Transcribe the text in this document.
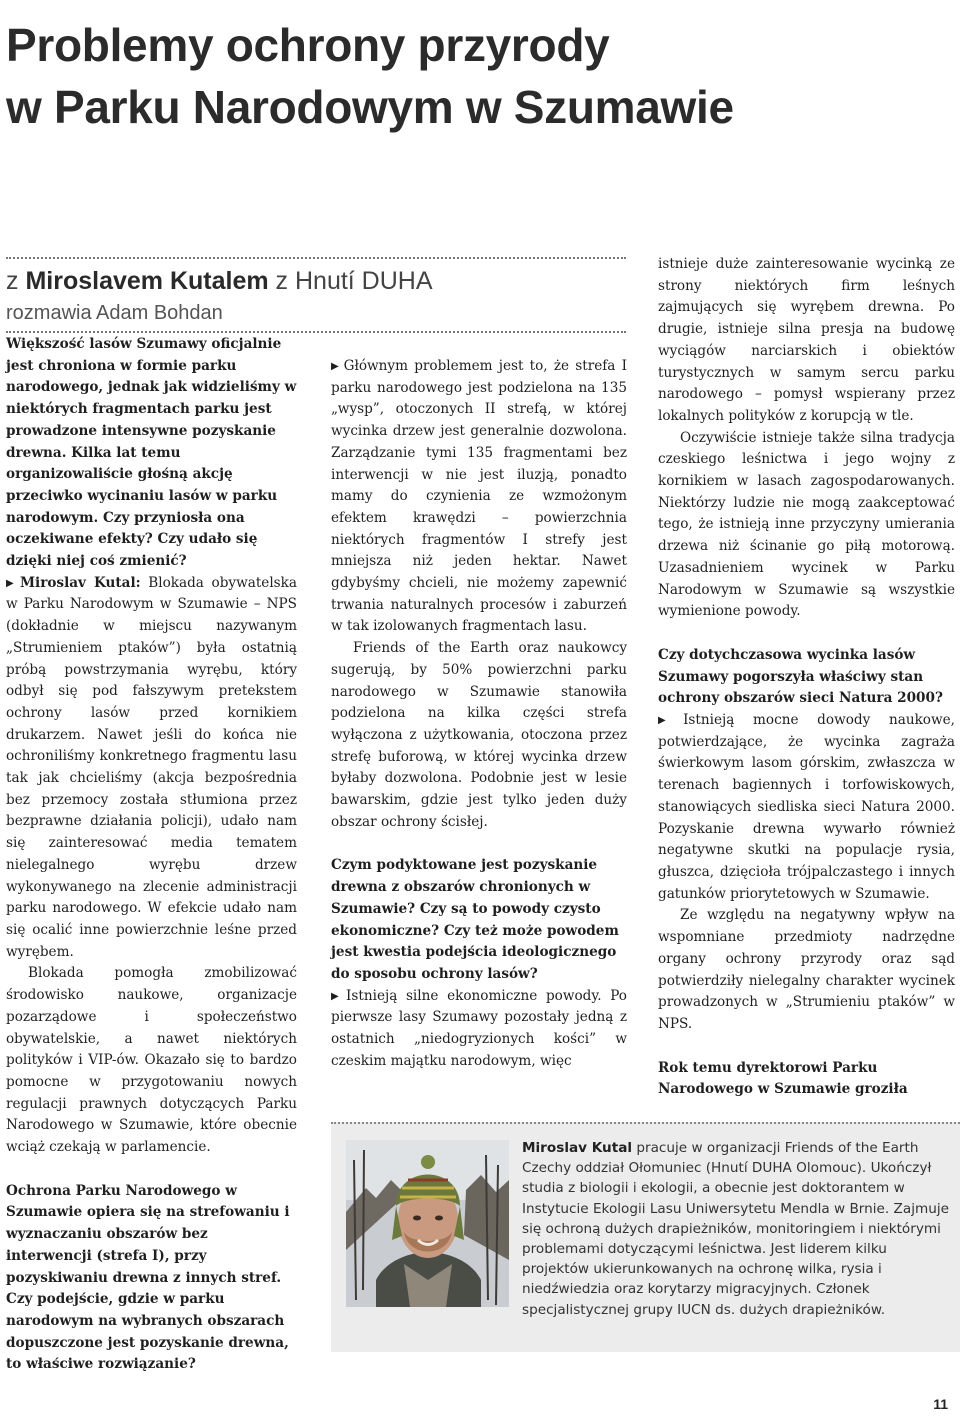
Problemy ochrony przyrody
w Parku Narodowym w Szumawie
z Miroslavem Kutalem z Hnutí DUHA
rozmawia Adam Bohdan

Większość lasów Szumawy oficjalnie jest chroniona w formie parku narodowego, jednak jak widzieliśmy w niektórych fragmentach parku jest prowadzone intensywne pozyskanie drewna. Kilka lat temu organizowaliście głośną akcję przeciwko wycinaniu lasów w parku narodowym. Czy przyniosła ona oczekiwane efekty? Czy udało się dzięki niej coś zmienić?

▶ Miroslav Kutal: Blokada obywatelska w Parku Narodowym w Szumawie – NPS (dokładnie w miejscu nazywanym „Strumieniem ptaków”) była ostatnią próbą powstrzymania wyrębu, który odbył się pod fałszywym pretekstem ochrony lasów przed kornikiem drukarzem. Nawet jeśli do końca nie ochroniliśmy konkretnego fragmentu lasu tak jak chcieliśmy (akcja bezpośrednia bez przemocy została stłumiona przez bezprawne działania policji), udało nam się zainteresować media tematem nielegalnego wyrębu drzew wykonywanego na zlecenie administracji parku narodowego. W efekcie udało nam się ocalić inne powierzchnie leśne przed wyrębem.

Blokada pomogła zmobilizować środowisko naukowe, organizacje pozarządowe i społeczeństwo obywatelskie, a nawet niektórych polityków i VIP-ów. Okazało się to bardzo pomocne w przygotowaniu nowych regulacji prawnych dotyczących Parku Narodowego w Szumawie, które obecnie wciąż czekają w parlamencie.

Ochrona Parku Narodowego w Szumawie opiera się na strefowaniu i wyznaczaniu obszarów bez interwencji (strefa I), przy pozyskiwaniu drewna z innych stref. Czy podejście, gdzie w parku narodowym na wybranych obszarach dopuszczone jest pozyskanie drewna, to właściwe rozwiązanie?

▶ Głównym problemem jest to, że strefa I parku narodowego jest podzielona na 135 „wysp”, otoczonych II strefą, w której wycinka drzew jest generalnie dozwolona. Zarządzanie tymi 135 fragmentami bez interwencji w nie jest iluzją, ponadto mamy do czynienia ze wzmożonym efektem krawędzi – powierzchnia niektórych fragmentów I strefy jest mniejsza niż jeden hektar. Nawet gdybyśmy chcieli, nie możemy zapewnić trwania naturalnych procesów i zaburzeń w tak izolowanych fragmentach lasu.

Friends of the Earth oraz naukowcy sugerują, by 50% powierzchni parku narodowego w Szumawie stanowiła podzielona na kilka części strefa wyłączona z użytkowania, otoczona przez strefę buforową, w której wycinka drzew byłaby dozwolona. Podobnie jest w lesie bawarskim, gdzie jest tylko jeden duży obszar ochrony ścisłej.

Czym podyktowane jest pozyskanie drewna z obszarów chronionych w Szumawie? Czy są to powody czysto ekonomiczne? Czy też może powodem jest kwestia podejścia ideologicznego do sposobu ochrony lasów?

▶ Istnieją silne ekonomiczne powody. Po pierwsze lasy Szumawy pozostały jedną z ostatnich „niedogryzionych kości” w czeskim majątku narodowym, więc

istnieje duże zainteresowanie wycinką ze strony niektórych firm leśnych zajmujących się wyrębem drewna. Po drugie, istnieje silna presja na budowę wyciągów narciarskich i obiektów turystycznych w samym sercu parku narodowego – pomysł wspierany przez lokalnych polityków z korupcją w tle.

Oczywiście istnieje także silna tradycja czeskiego leśnictwa i jego wojny z kornikiem w lasach zagospodarowanych. Niektórzy ludzie nie mogą zaakceptować tego, że istnieją inne przyczyny umierania drzewa niż ścinanie go piłą motorową. Uzasadnieniem wycinek w Parku Narodowym w Szumawie są wszystkie wymienione powody.

Czy dotychczasowa wycinka lasów Szumawy pogorszyła właściwy stan ochrony obszarów sieci Natura 2000?

▶ Istnieją mocne dowody naukowe, potwierdzające, że wycinka zagraża świerkowym lasom górskim, zwłaszcza w terenach bagiennych i torfowiskowych, stanowiących siedliska sieci Natura 2000. Pozyskanie drewna wywarło również negatywne skutki na populacje rysia, głuszca, dzięcioła trójpalczastego i innych gatunków priorytetowych w Szumawie.

Ze względu na negatywny wpływ na wspomniane przedmioty nadrzędne organy ochrony przyrody oraz sąd potwierdziły nielegalny charakter wycinek prowadzonych w „Strumieniu ptaków” w NPS.

Rok temu dyrektorowi Parku Narodowego w Szumawie groziła

Miroslav Kutal pracuje w organizacji Friends of the Earth Czechy oddział Ołomuniec (Hnutí DUHA Olomouc). Ukończył studia z biologii i ekologii, a obecnie jest doktorantem w Instytucie Ekologii Lasu Uniwersytetu Mendla w Brnie. Zajmuje się ochroną dużych drapieżników, monitoringiem i niektórymi problemami dotyczącymi leśnictwa. Jest liderem kilku projektów ukierunkowanych na ochronę wilka, rysia i niedźwiedzia oraz korytarzy migracyjnych. Członek specjalistycznej grupy IUCN ds. dużych drapieżników.
11
